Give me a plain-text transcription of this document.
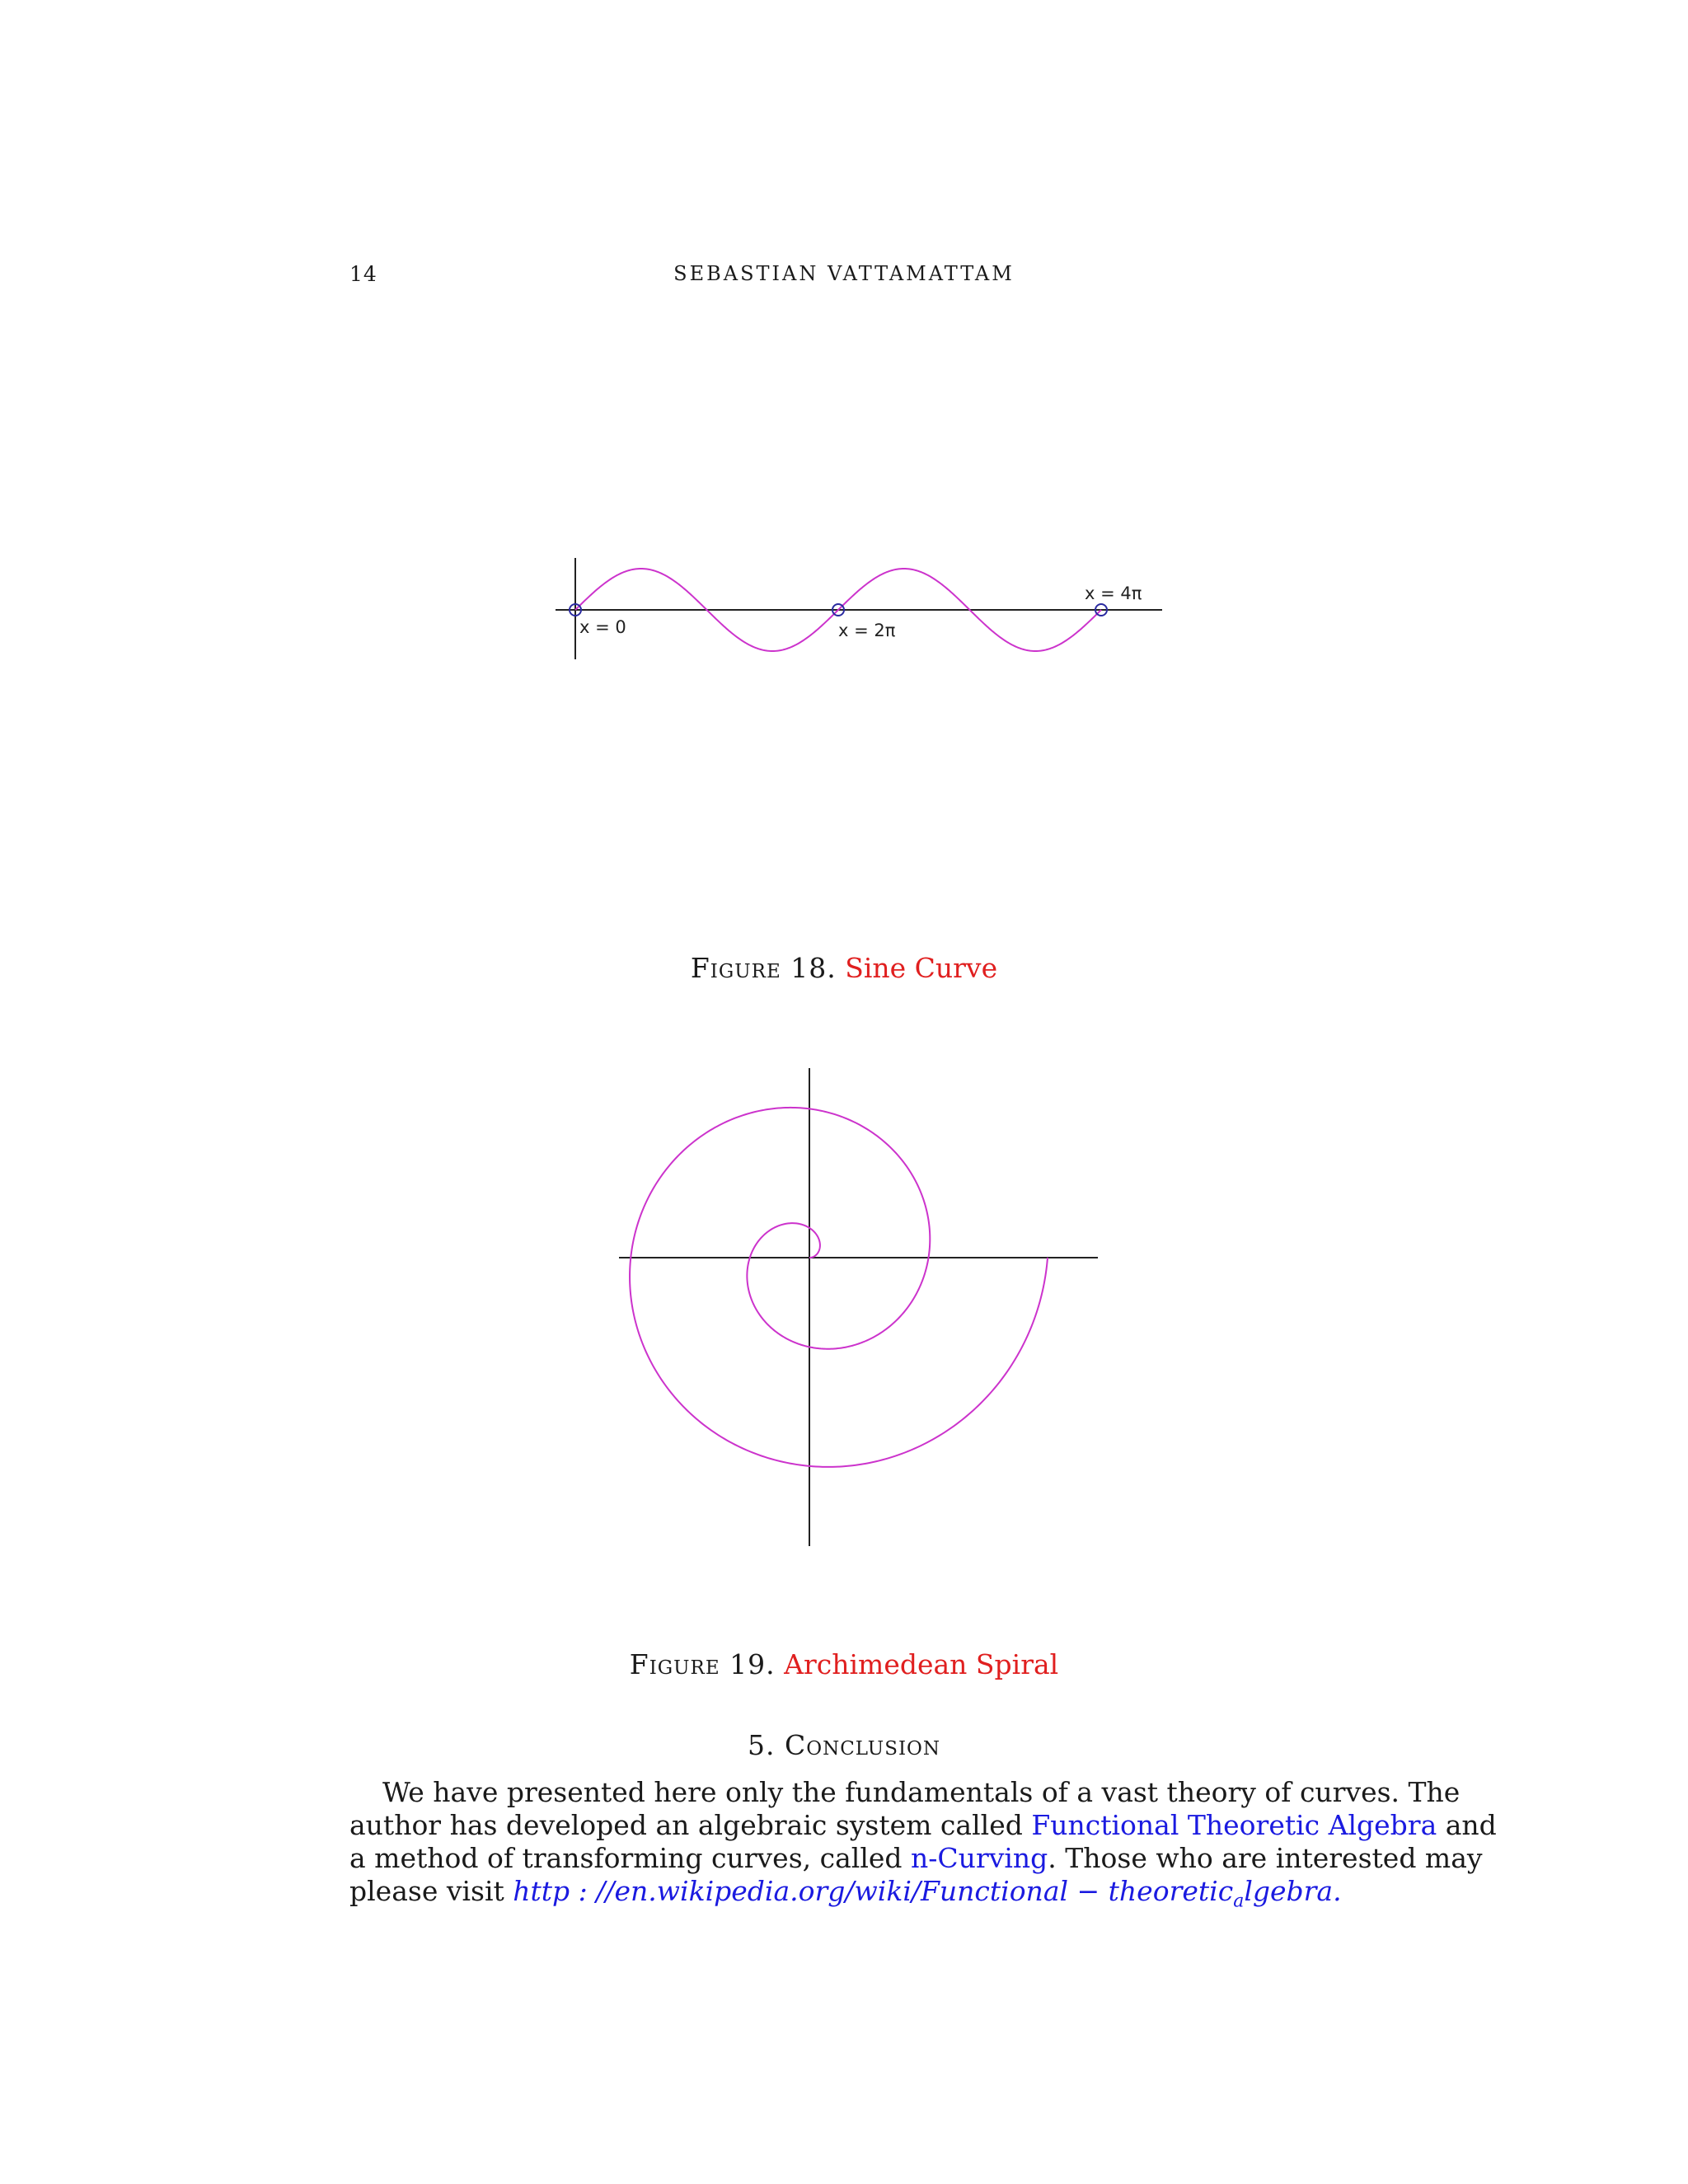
14	SEBASTIAN VATTAMATTAM
x = 0	x = 2π
x = 4π
Figure 18. Sine Curve
Figure 19. Archimedean Spiral
5. Conclusion
We have presented here only the fundamentals of a vast theory of curves. The
author has developed an algebraic system called Functional Theoretic Algebra and
a method of transforming curves, called n-Curving. Those who are interested may
please visit http : //en.wikipedia.org/wiki/Functional − theoretic$_a$lgebra.
